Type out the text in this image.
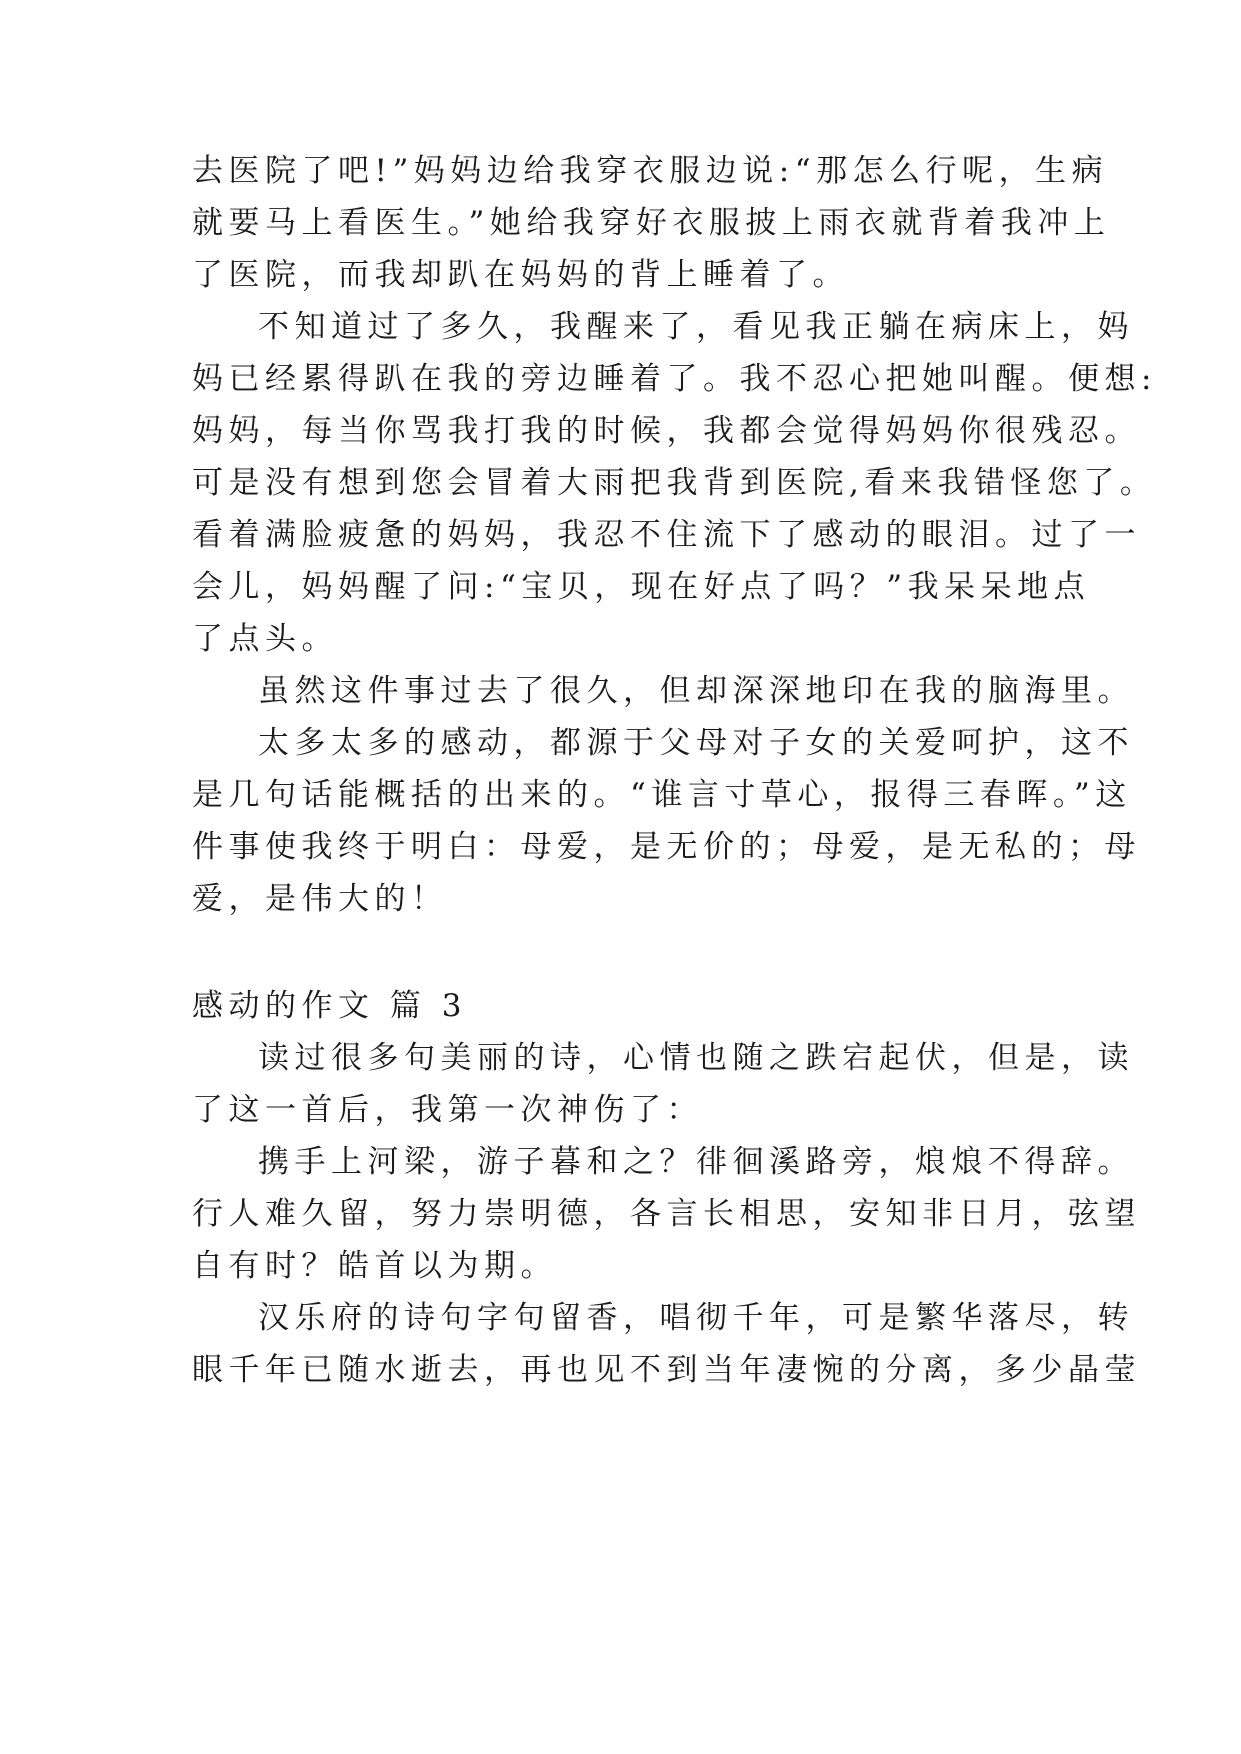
去医院了吧!”妈妈边给我穿衣服边说:“那怎么行呢，生病
就要马上看医生。”她给我穿好衣服披上雨衣就背着我冲上
了医院，而我却趴在妈妈的背上睡着了。
不知道过了多久，我醒来了，看见我正躺在病床上，妈
妈已经累得趴在我的旁边睡着了。我不忍心把她叫醒。便想:
妈妈，每当你骂我打我的时候，我都会觉得妈妈你很残忍。
可是没有想到您会冒着大雨把我背到医院,看来我错怪您了。
看着满脸疲惫的妈妈，我忍不住流下了感动的眼泪。过了一
会儿，妈妈醒了问:“宝贝，现在好点了吗？”我呆呆地点
了点头。
虽然这件事过去了很久，但却深深地印在我的脑海里。
太多太多的感动，都源于父母对子女的关爱呵护，这不
是几句话能概括的出来的。“谁言寸草心，报得三春晖。”这
件事使我终于明白：母爱，是无价的；母爱，是无私的；母
爱，是伟大的！
感动的作文 篇 3
读过很多句美丽的诗，心情也随之跌宕起伏，但是，读
了这一首后，我第一次神伤了：
携手上河梁，游子暮和之？徘徊溪路旁，烺烺不得辞。
行人难久留，努力崇明德，各言长相思，安知非日月，弦望
自有时？皓首以为期。
汉乐府的诗句字句留香，唱彻千年，可是繁华落尽，转
眼千年已随水逝去，再也见不到当年凄惋的分离，多少晶莹
